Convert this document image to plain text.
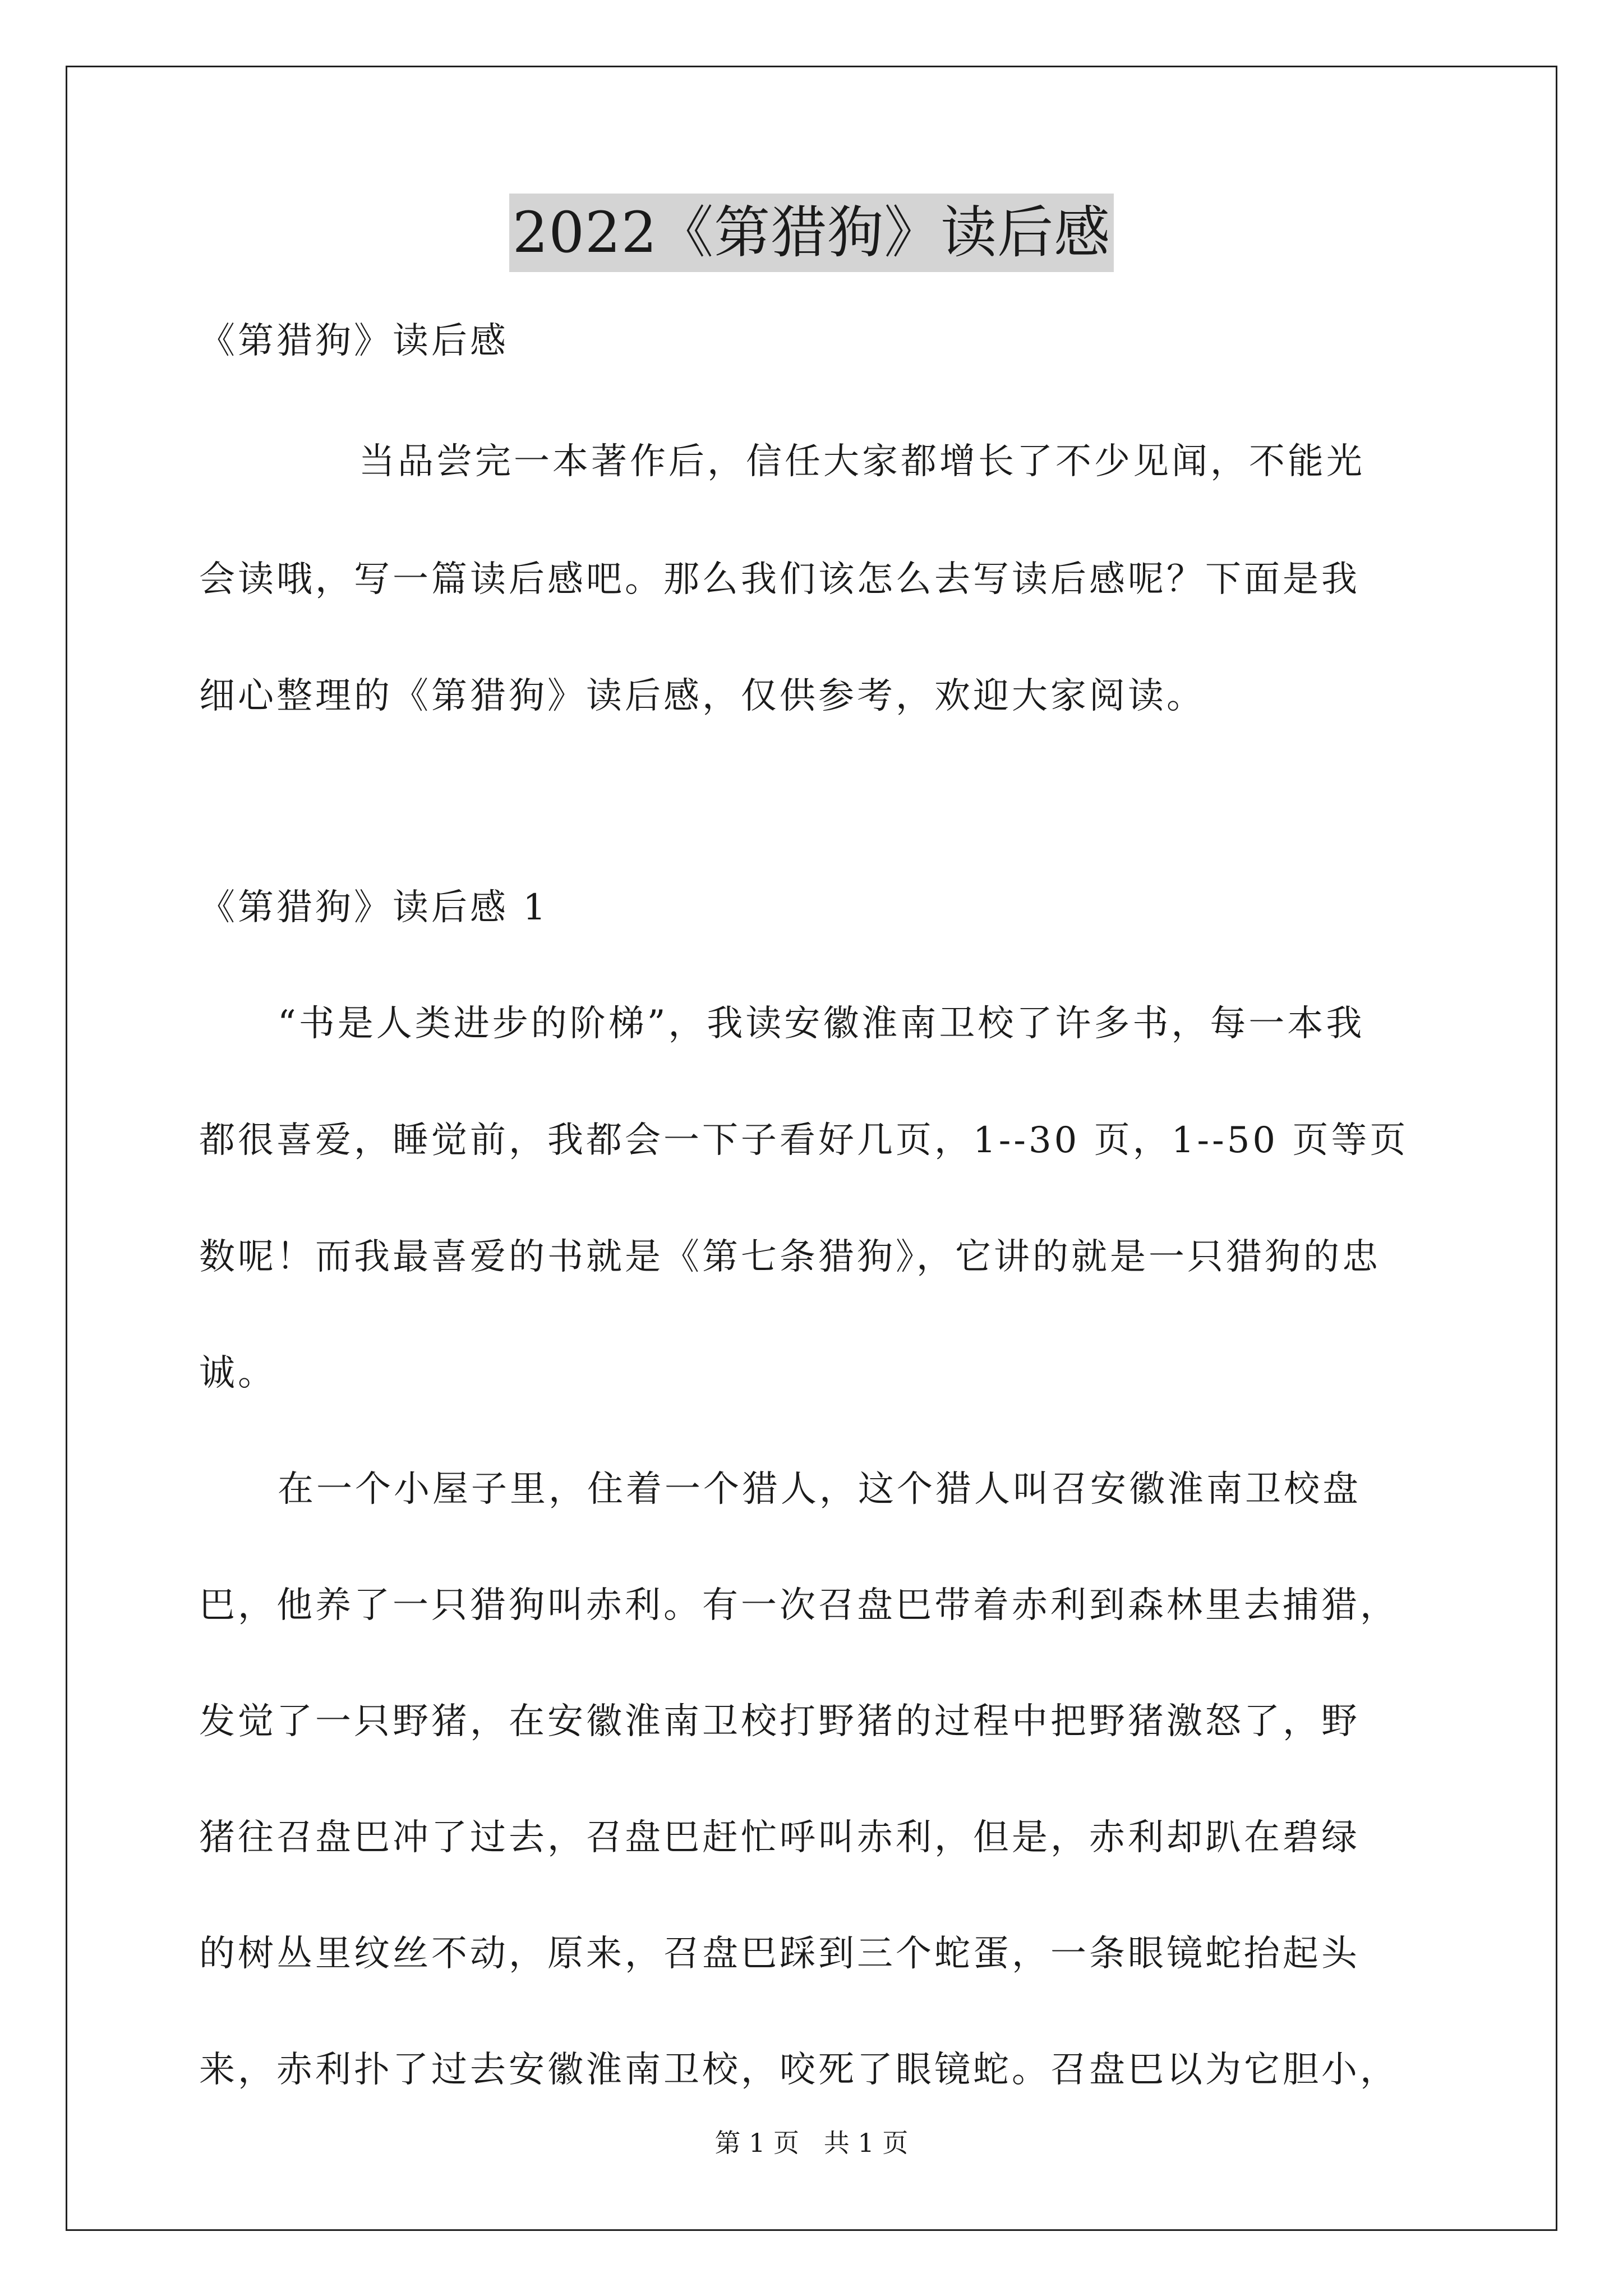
2022《第猎狗》读后感
《第猎狗》读后感
当品尝完一本著作后，信任大家都增长了不少见闻，不能光
会读哦，写一篇读后感吧。那么我们该怎么去写读后感呢？下面是我
细心整理的《第猎狗》读后感，仅供参考，欢迎大家阅读。
《第猎狗》读后感 1
“书是人类进步的阶梯”，我读安徽淮南卫校了许多书，每一本我
都很喜爱，睡觉前，我都会一下子看好几页，1--30 页，1--50 页等页
数呢！而我最喜爱的书就是《第七条猎狗》，它讲的就是一只猎狗的忠
诚。
在一个小屋子里，住着一个猎人，这个猎人叫召安徽淮南卫校盘
巴，他养了一只猎狗叫赤利。有一次召盘巴带着赤利到森林里去捕猎，
发觉了一只野猪，在安徽淮南卫校打野猪的过程中把野猪激怒了，野
猪往召盘巴冲了过去，召盘巴赶忙呼叫赤利，但是，赤利却趴在碧绿
的树丛里纹丝不动，原来，召盘巴踩到三个蛇蛋，一条眼镜蛇抬起头
来，赤利扑了过去安徽淮南卫校，咬死了眼镜蛇。召盘巴以为它胆小，
第 1 页   共 1 页
